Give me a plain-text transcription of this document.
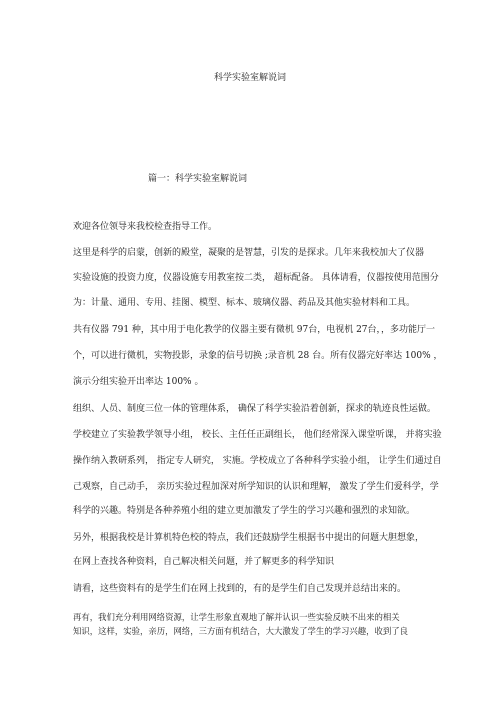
科学实验室解说词
篇一：科学实验室解说词
欢迎各位领导来我校检查指导工作。
这里是科学的启蒙，创新的殿堂，凝聚的是智慧，引发的是探求。几年来我校加大了仪器
实验设施的投资力度，仪器设施专用教室按二类， 超标配备。 具体请看，仪器按使用范围分
为：计量、通用、专用、挂图、模型、标本、玻璃仪器、药品及其他实验材料和工具。
共有仪器 791 种，其中用于电化教学的仪器主要有微机 97台，电视机 27台，，多功能厅一
个，可以进行微机，实物投影，录象的信号切换 ;录音机 28 台。所有仪器完好率达 100% ，
演示分组实验开出率达 100% 。
组织、人员、制度三位一体的管理体系， 确保了科学实验沿着创新，探求的轨迹良性运做。
学校建立了实验教学领导小组， 校长、主任任正副组长， 他们经常深入课堂听课， 并将实验
操作纳入教研系列， 指定专人研究， 实施。学校成立了各种科学实验小组， 让学生们通过自
己观察，自己动手， 亲历实验过程加深对所学知识的认识和理解， 激发了学生们爱科学，学
科学的兴趣。特别是各种养殖小组的建立更加激发了学生的学习兴趣和强烈的求知欲。
另外，根据我校是计算机特色校的特点，我们还鼓励学生根据书中提出的问题大胆想象，
在网上查找各种资料，自己解决相关问题，并了解更多的科学知识
请看，这些资料有的是学生们在网上找到的，有的是学生们自己发现并总结出来的。
再有，我们充分利用网络资源，让学生形象直观地了解并认识一些实验反映不出来的相关
知识，这样，实验，亲历，网络，三方面有机结合，大大激发了学生的学习兴趣，收到了良
